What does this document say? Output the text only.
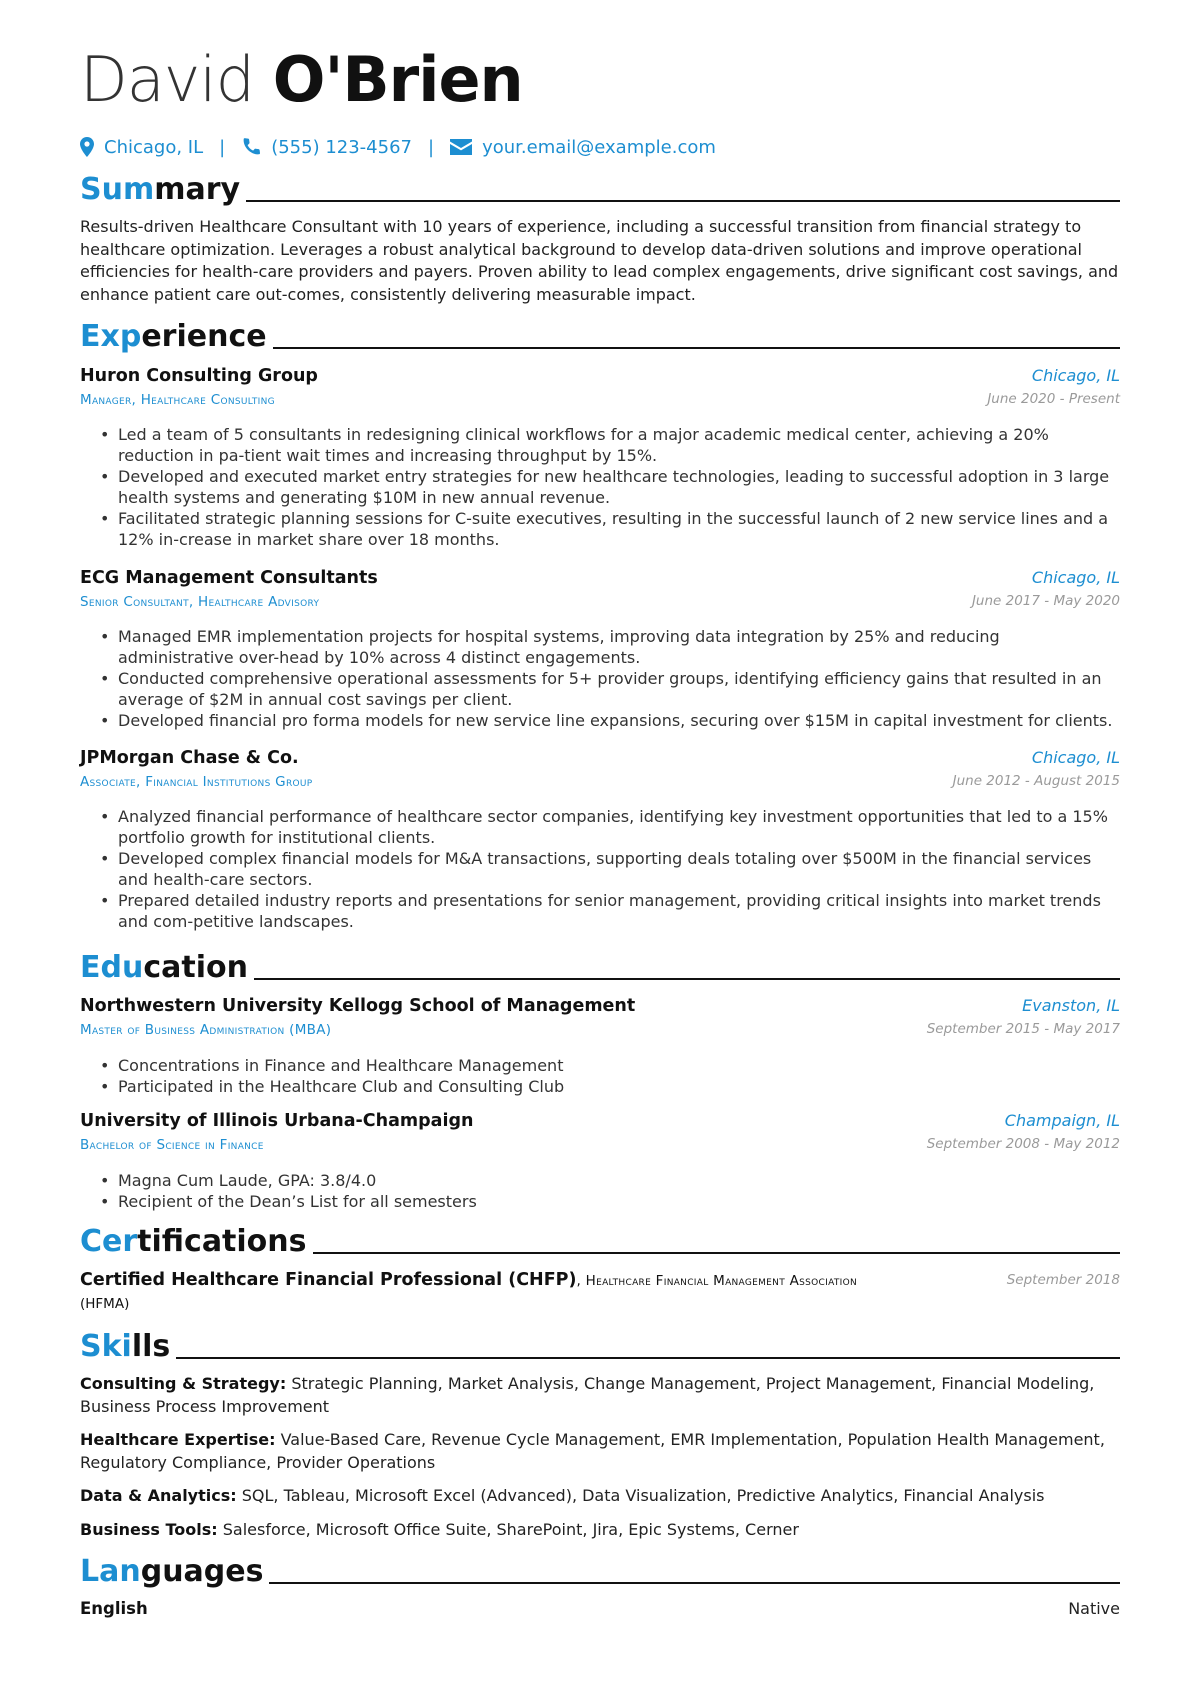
David O'Brien
Chicago, IL |	(555) 123-4567 |	your.email@example.com
Summary
Results-driven Healthcare Consultant with 10 years of experience, including a successful transition from financial strategy to healthcare optimization. Leverages a robust analytical background to develop data-driven solutions and improve operational efficiencies for health-care providers and payers. Proven ability to lead complex engagements, drive significant cost savings, and enhance patient care out-comes, consistently delivering measurable impact.
Experience
Huron Consulting Group	Chicago, IL
Manager, Healthcare Consulting	June 2020 - Present
• Led a team of 5 consultants in redesigning clinical workflows for a major academic medical center, achieving a 20% reduction in pa-tient wait times and increasing throughput by 15%.
• Developed and executed market entry strategies for new healthcare technologies, leading to successful adoption in 3 large health systems and generating $10M in new annual revenue.
• Facilitated strategic planning sessions for C-suite executives, resulting in the successful launch of 2 new service lines and a 12% in-crease in market share over 18 months.
ECG Management Consultants	Chicago, IL
Senior Consultant, Healthcare Advisory	June 2017 - May 2020
• Managed EMR implementation projects for hospital systems, improving data integration by 25% and reducing administrative over-head by 10% across 4 distinct engagements.
• Conducted comprehensive operational assessments for 5+ provider groups, identifying efficiency gains that resulted in an average of $2M in annual cost savings per client.
• Developed financial pro forma models for new service line expansions, securing over $15M in capital investment for clients.
JPMorgan Chase & Co.	Chicago, IL
Associate, Financial Institutions Group	June 2012 - August 2015
• Analyzed financial performance of healthcare sector companies, identifying key investment opportunities that led to a 15% portfolio growth for institutional clients.
• Developed complex financial models for M&A transactions, supporting deals totaling over $500M in the financial services and health-care sectors.
• Prepared detailed industry reports and presentations for senior management, providing critical insights into market trends and com-petitive landscapes.
Education
Northwestern University Kellogg School of Management	Evanston, IL
Master of Business Administration (MBA)	September 2015 - May 2017
• Concentrations in Finance and Healthcare Management
• Participated in the Healthcare Club and Consulting Club
University of Illinois Urbana-Champaign	Champaign, IL
Bachelor of Science in Finance	September 2008 - May 2012
• Magna Cum Laude, GPA: 3.8/4.0
• Recipient of the Dean’s List for all semesters
Certifications
Certified Healthcare Financial Professional (CHFP), Healthcare Financial Management Association
(HFMA)
September 2018
Skills
Consulting & Strategy: Strategic Planning, Market Analysis, Change Management, Project Management, Financial Modeling, Business Process Improvement
Healthcare Expertise: Value-Based Care, Revenue Cycle Management, EMR Implementation, Population Health Management, Regulatory Compliance, Provider Operations
Data & Analytics: SQL, Tableau, Microsoft Excel (Advanced), Data Visualization, Predictive Analytics, Financial Analysis
Business Tools: Salesforce, Microsoft Office Suite, SharePoint, Jira, Epic Systems, Cerner
Languages
English	Native
